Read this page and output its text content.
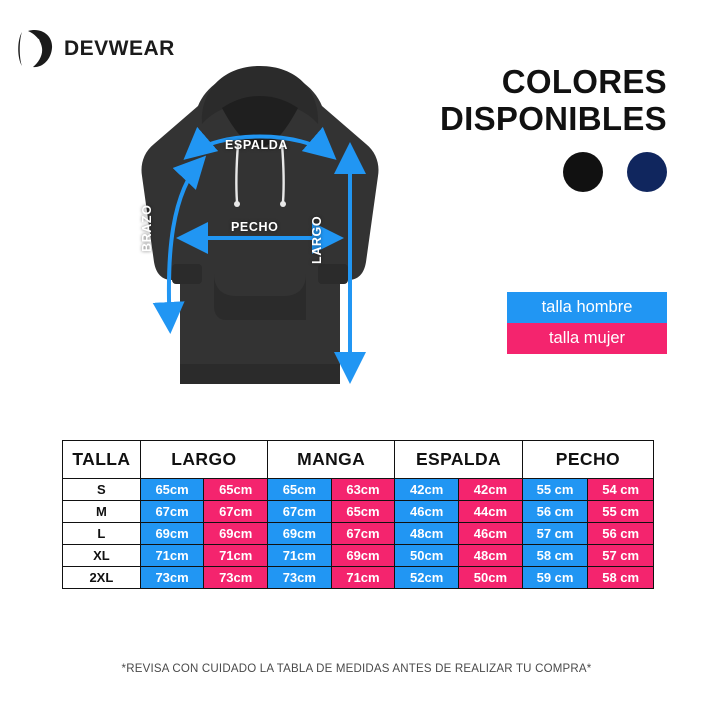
DEVWEAR
ESPALDA
PECHO
BRAZO	LARGO
COLORES
DISPONIBLES
talla hombre
talla mujer
TALLA	LARGO		MANGA		ESPALDA		PECHO	
S	65cm	65cm	65cm	63cm	42cm	42cm	55 cm	54 cm
M	67cm	67cm	67cm	65cm	46cm	44cm	56 cm	55 cm
L	69cm	69cm	69cm	67cm	48cm	46cm	57 cm	56 cm
XL	71cm	71cm	71cm	69cm	50cm	48cm	58 cm	57 cm
2XL	73cm	73cm	73cm	71cm	52cm	50cm	59 cm	58 cm
*REVISA CON CUIDADO LA TABLA DE MEDIDAS ANTES DE REALIZAR TU COMPRA*
